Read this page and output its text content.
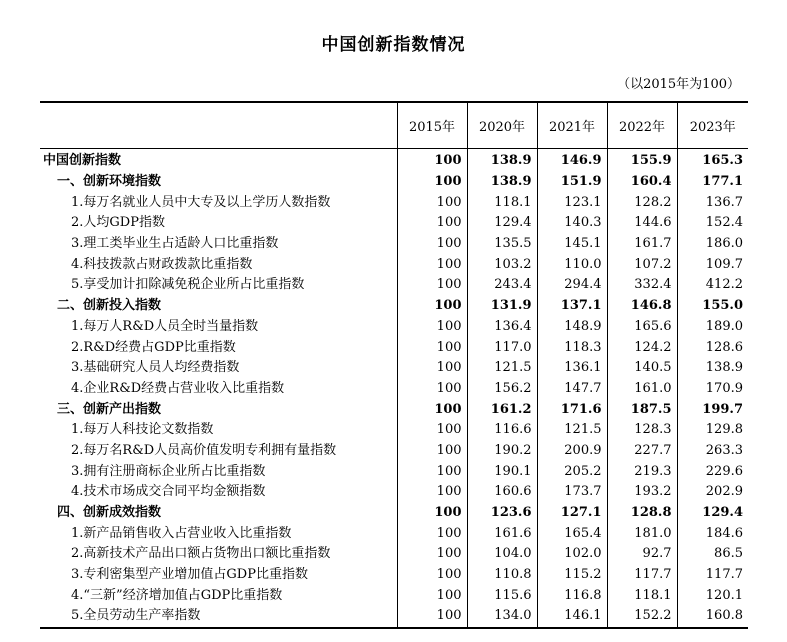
中国创新指数情况
（以2015年为100）
	2015年	2020年	2021年	2022年	2023年
中国创新指数	100	138.9	146.9	155.9	165.3
一、创新环境指数	100	138.9	151.9	160.4	177.1
1.每万名就业人员中大专及以上学历人数指数	100	118.1	123.1	128.2	136.7
2.人均GDP指数	100	129.4	140.3	144.6	152.4
3.理工类毕业生占适龄人口比重指数	100	135.5	145.1	161.7	186.0
4.科技拨款占财政拨款比重指数	100	103.2	110.0	107.2	109.7
5.享受加计扣除减免税企业所占比重指数	100	243.4	294.4	332.4	412.2
二、创新投入指数	100	131.9	137.1	146.8	155.0
1.每万人R&D人员全时当量指数	100	136.4	148.9	165.6	189.0
2.R&D经费占GDP比重指数	100	117.0	118.3	124.2	128.6
3.基础研究人员人均经费指数	100	121.5	136.1	140.5	138.9
4.企业R&D经费占营业收入比重指数	100	156.2	147.7	161.0	170.9
三、创新产出指数	100	161.2	171.6	187.5	199.7
1.每万人科技论文数指数	100	116.6	121.5	128.3	129.8
2.每万名R&D人员高价值发明专利拥有量指数	100	190.2	200.9	227.7	263.3
3.拥有注册商标企业所占比重指数	100	190.1	205.2	219.3	229.6
4.技术市场成交合同平均金额指数	100	160.6	173.7	193.2	202.9
四、创新成效指数	100	123.6	127.1	128.8	129.4
1.新产品销售收入占营业收入比重指数	100	161.6	165.4	181.0	184.6
2.高新技术产品出口额占货物出口额比重指数	100	104.0	102.0	92.7	86.5
3.专利密集型产业增加值占GDP比重指数	100	110.8	115.2	117.7	117.7
4.“三新”经济增加值占GDP比重指数	100	115.6	116.8	118.1	120.1
5.全员劳动生产率指数	100	134.0	146.1	152.2	160.8
